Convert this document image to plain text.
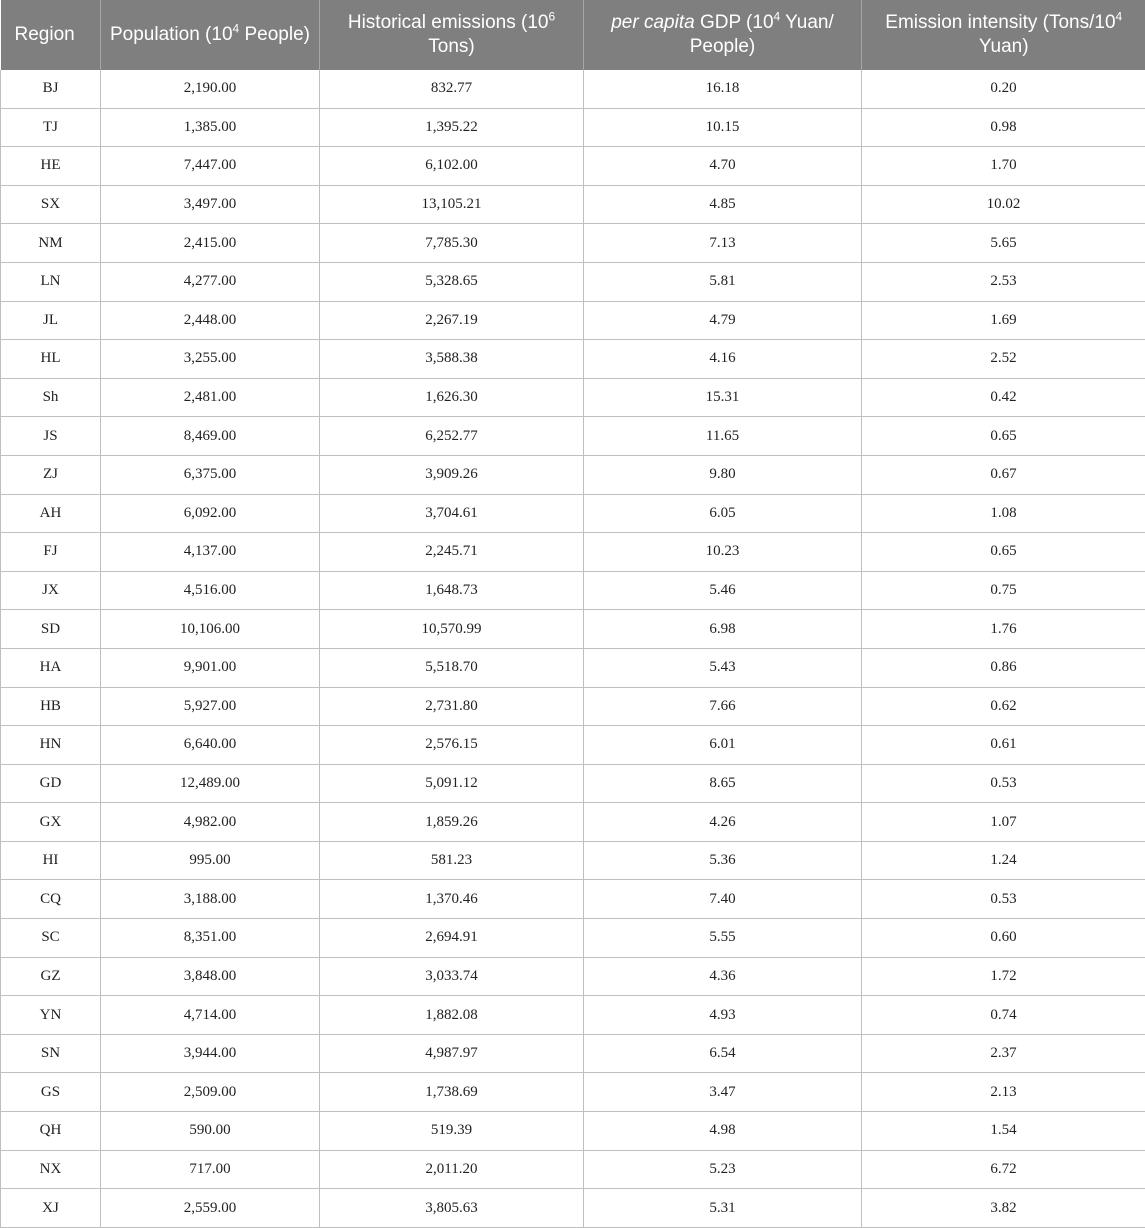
Region	Population ($10^4$ People)	Historical emissions ($10^6$ Tons)	per capita GDP ($10^4$ Yuan/ People)	Emission intensity ($Tons/10^4$ Yuan)
BJ	2,190.00	832.77	16.18	0.20
TJ	1,385.00	1,395.22	10.15	0.98
HE	7,447.00	6,102.00	4.70	1.70
SX	3,497.00	13,105.21	4.85	10.02
NM	2,415.00	7,785.30	7.13	5.65
LN	4,277.00	5,328.65	5.81	2.53
JL	2,448.00	2,267.19	4.79	1.69
HL	3,255.00	3,588.38	4.16	2.52
Sh	2,481.00	1,626.30	15.31	0.42
JS	8,469.00	6,252.77	11.65	0.65
ZJ	6,375.00	3,909.26	9.80	0.67
AH	6,092.00	3,704.61	6.05	1.08
FJ	4,137.00	2,245.71	10.23	0.65
JX	4,516.00	1,648.73	5.46	0.75
SD	10,106.00	10,570.99	6.98	1.76
HA	9,901.00	5,518.70	5.43	0.86
HB	5,927.00	2,731.80	7.66	0.62
HN	6,640.00	2,576.15	6.01	0.61
GD	12,489.00	5,091.12	8.65	0.53
GX	4,982.00	1,859.26	4.26	1.07
HI	995.00	581.23	5.36	1.24
CQ	3,188.00	1,370.46	7.40	0.53
SC	8,351.00	2,694.91	5.55	0.60
GZ	3,848.00	3,033.74	4.36	1.72
YN	4,714.00	1,882.08	4.93	0.74
SN	3,944.00	4,987.97	6.54	2.37
GS	2,509.00	1,738.69	3.47	2.13
QH	590.00	519.39	4.98	1.54
NX	717.00	2,011.20	5.23	6.72
XJ	2,559.00	3,805.63	5.31	3.82
